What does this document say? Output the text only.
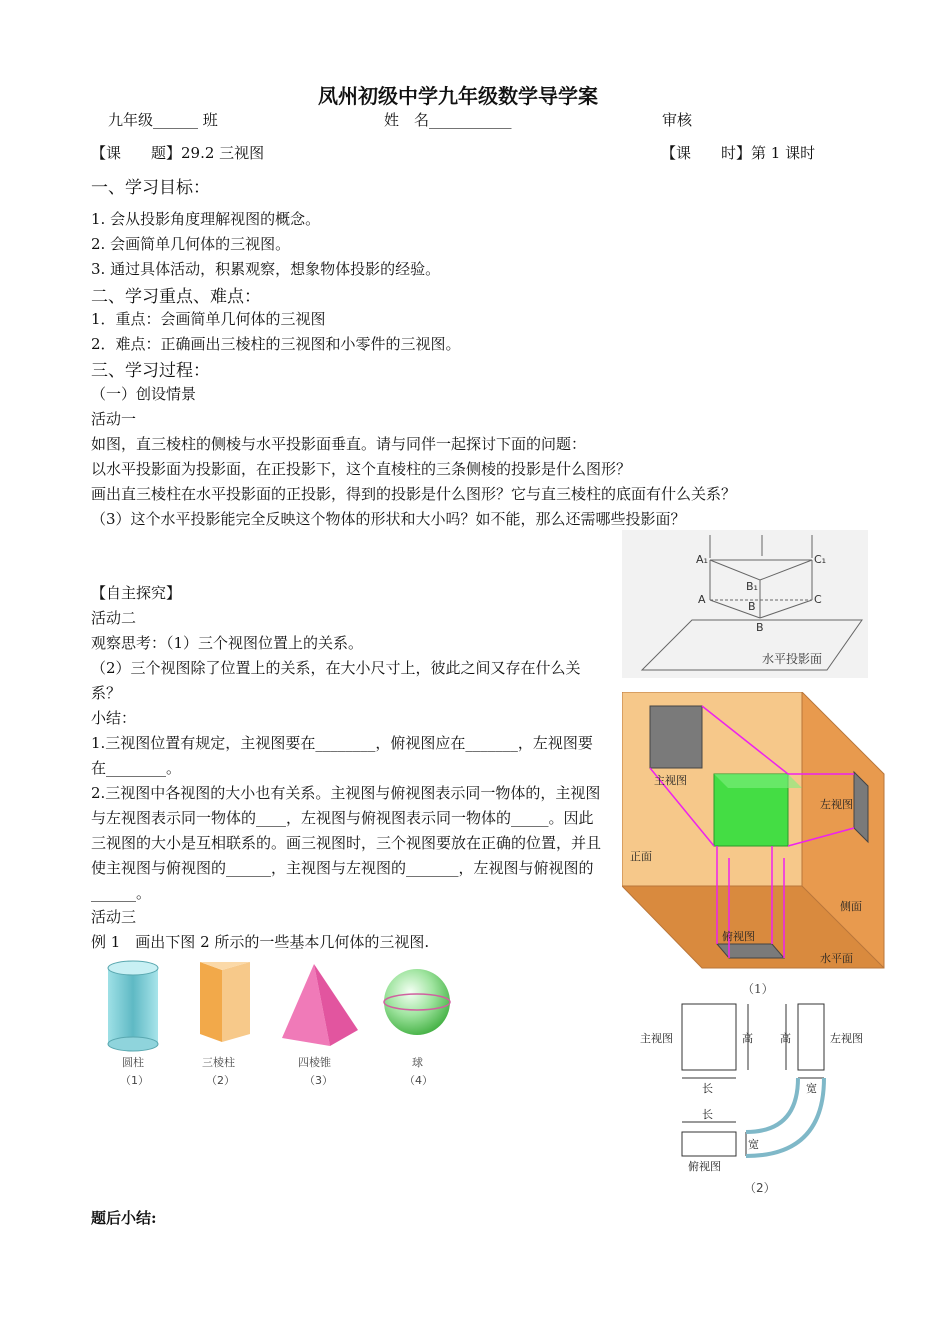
凤州初级中学九年级数学导学案
九年级______ 班	姓　名___________	审核
【课　　题】29.2 三视图	【课　　时】第 1 课时
一、学习目标：
1. 会从投影角度理解视图的概念。
2. 会画简单几何体的三视图。
3. 通过具体活动，积累观察，想象物体投影的经验。
二、学习重点、难点：
1．重点：会画简单几何体的三视图
2．难点：正确画出三棱柱的三视图和小零件的三视图。
三、学习过程：
（一）创设情景
活动一
如图，直三棱柱的侧棱与水平投影面垂直。请与同伴一起探讨下面的问题：
以水平投影面为投影面，在正投影下，这个直棱柱的三条侧棱的投影是什么图形？
画出直三棱柱在水平投影面的正投影，得到的投影是什么图形？它与直三棱柱的底面有什么关系？
（3）这个水平投影能完全反映这个物体的形状和大小吗？如不能，那么还需哪些投影面？
【自主探究】
活动二
观察思考：（1）三个视图位置上的关系。
（2）三个视图除了位置上的关系，在大小尺寸上，彼此之间又存在什么关系？
小结：
1.三视图位置有规定，主视图要在________，俯视图应在_______，左视图要在________。
2.三视图中各视图的大小也有关系。主视图与俯视图表示同一物体的，主视图与左视图表示同一物体的____，左视图与俯视图表示同一物体的_____。因此三视图的大小是互相联系的。画三视图时，三个视图要放在正确的位置，并且使主视图与俯视图的______，主视图与左视图的_______，左视图与俯视图的______。
活动三
例 1　画出下图 2 所示的一些基本几何体的三视图.
题后小结:
A₁
B₁
C₁
A
B
C
B
水平投影面
主视图
左视图
正面
侧面
俯视图
水平面
（1）
主视图	高 高	左视图
长	宽
长
宽
俯视图
（2）
圆柱
（1）
三棱柱
（2）
四棱锥
（3）
球
（4）
